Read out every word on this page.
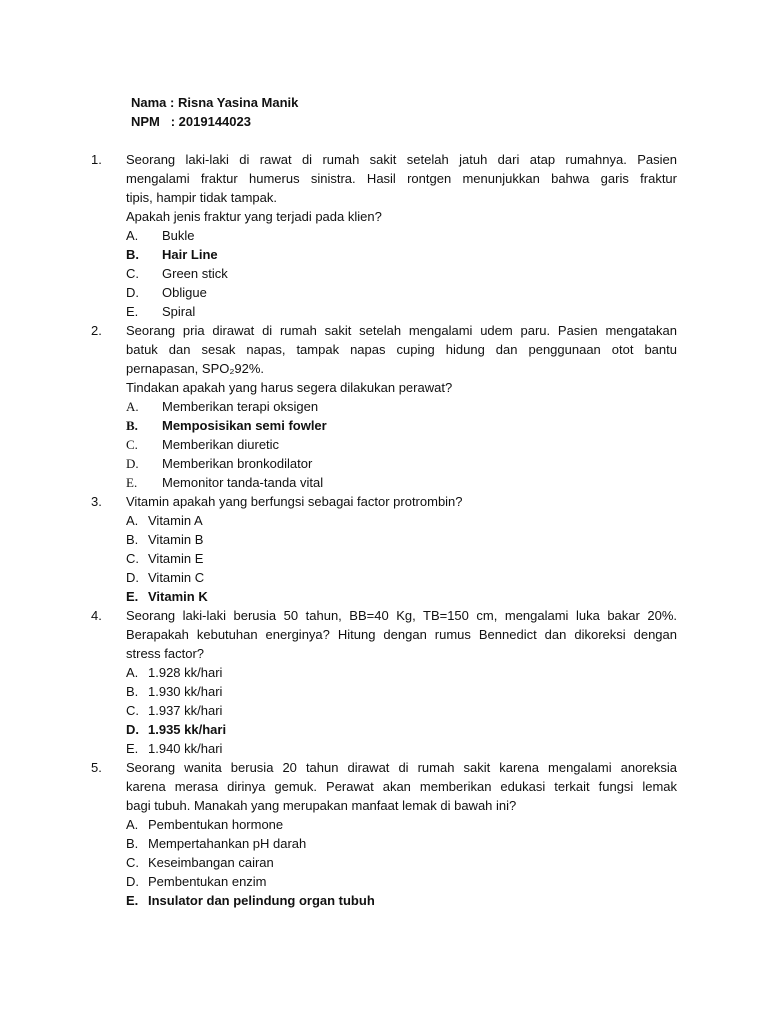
Nama : Risna Yasina Manik
NPM   : 2019144023
1.	Seorang laki-laki di rawat di rumah sakit setelah jatuh dari atap rumahnya. Pasien
mengalami fraktur humerus sinistra. Hasil rontgen menunjukkan bahwa garis fraktur
tipis, hampir tidak tampak.
Apakah jenis fraktur yang terjadi pada klien?
A. Bukle
B. Hair Line
C. Green stick
D. Obligue
E. Spiral
2.	Seorang pria dirawat di rumah sakit setelah mengalami udem paru. Pasien mengatakan
batuk dan sesak napas, tampak napas cuping hidung dan penggunaan otot bantu
pernapasan, SPO₂92%.
Tindakan apakah yang harus segera dilakukan perawat?
A. Memberikan terapi oksigen
B. Memposisikan semi fowler
C. Memberikan diuretic
D. Memberikan bronkodilator
E. Memonitor tanda-tanda vital
3.	Vitamin apakah yang berfungsi sebagai factor protrombin?
A. Vitamin A
B. Vitamin B
C. Vitamin E
D. Vitamin C
E. Vitamin K
4.	Seorang laki-laki berusia 50 tahun, BB=40 Kg, TB=150 cm, mengalami luka bakar 20%.
Berapakah kebutuhan energinya? Hitung dengan rumus Bennedict dan dikoreksi dengan
stress factor?
A. 1.928 kk/hari
B. 1.930 kk/hari
C. 1.937 kk/hari
D. 1.935 kk/hari
E. 1.940 kk/hari
5.	Seorang wanita berusia 20 tahun dirawat di rumah sakit karena mengalami anoreksia
karena merasa dirinya gemuk. Perawat akan memberikan edukasi terkait fungsi lemak
bagi tubuh. Manakah yang merupakan manfaat lemak di bawah ini?
A. Pembentukan hormone
B. Mempertahankan pH darah
C. Keseimbangan cairan
D. Pembentukan enzim
E. Insulator dan pelindung organ tubuh
